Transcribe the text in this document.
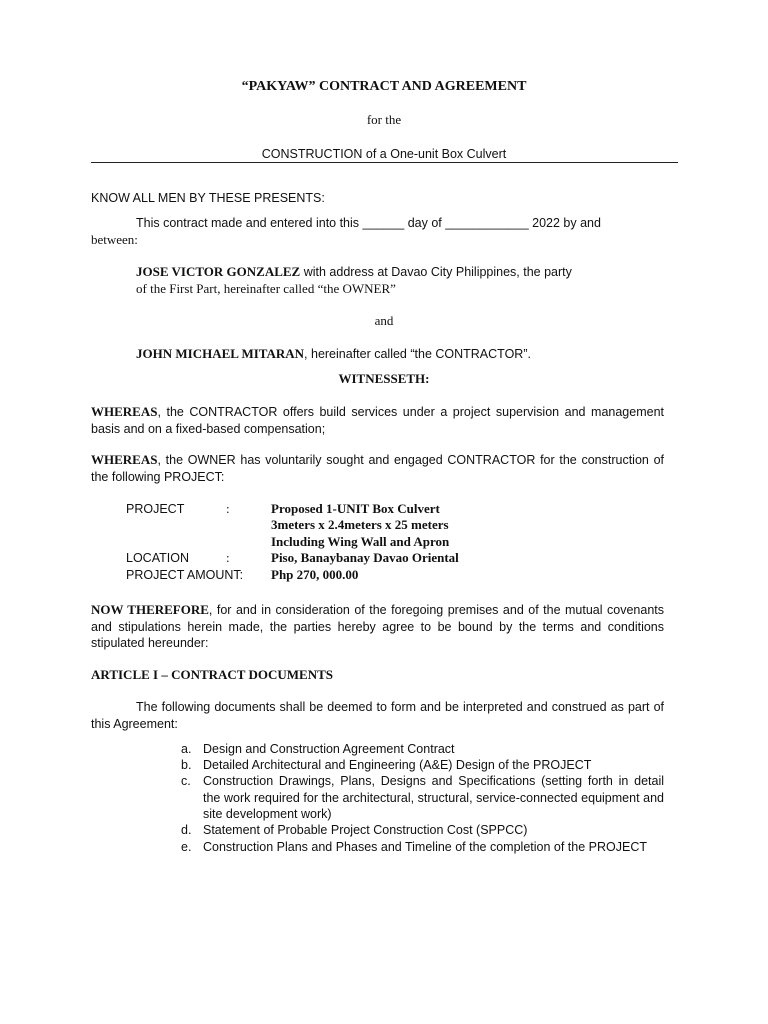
“PAKYAW” CONTRACT AND AGREEMENT
for the
CONSTRUCTION of a One-unit Box Culvert
KNOW ALL MEN BY THESE PRESENTS:
This contract made and entered into this ______ day of ____________ 2022 by and
between:
JOSE VICTOR GONZALEZ with address at Davao City Philippines, the party
of the First Part, hereinafter called “the OWNER”
and
JOHN MICHAEL MITARAN, hereinafter called “the CONTRACTOR”.
WITNESSETH:
WHEREAS, the CONTRACTOR offers build services under a project supervision and management basis and on a fixed-based compensation;
WHEREAS, the OWNER has voluntarily sought and engaged CONTRACTOR for the construction of the following PROJECT:
PROJECT	:	Proposed 1-UNIT Box Culvert
3meters x 2.4meters x 25 meters
Including Wing Wall and Apron
LOCATION	:	Piso, Banaybanay Davao Oriental
PROJECT AMOUNT: Php 270, 000.00
NOW THEREFORE, for and in consideration of the foregoing premises and of the mutual covenants and stipulations herein made, the parties hereby agree to be bound by the terms and conditions stipulated hereunder:
ARTICLE I – CONTRACT DOCUMENTS
The following documents shall be deemed to form and be interpreted and construed as part of this Agreement:
a. Design and Construction Agreement Contract
b. Detailed Architectural and Engineering (A&E) Design of the PROJECT
c. Construction Drawings, Plans, Designs and Specifications (setting forth in detail the work required for the architectural, structural, service-connected equipment and site development work)
d. Statement of Probable Project Construction Cost (SPPCC)
e. Construction Plans and Phases and Timeline of the completion of the PROJECT
